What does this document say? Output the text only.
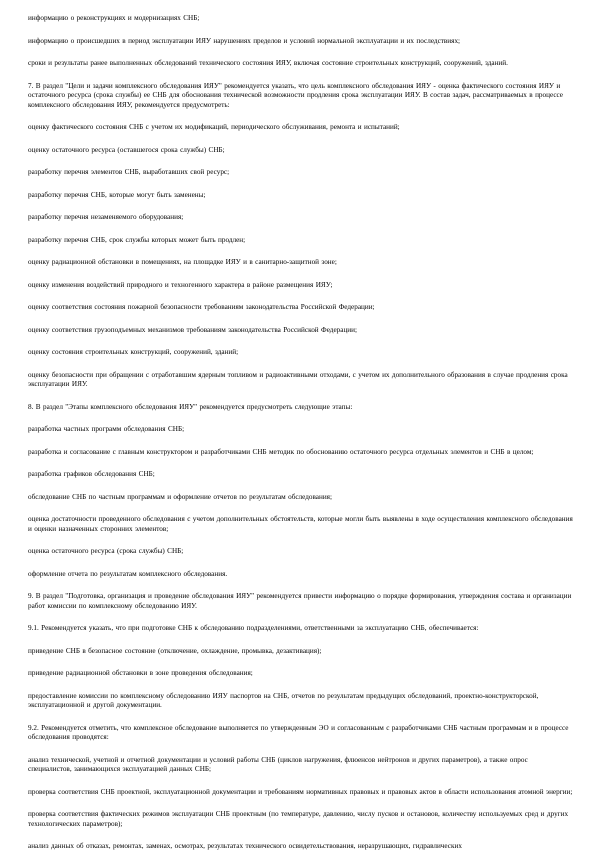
информацию о реконструкциях и модернизациях СНБ;

информацию о происшедших в период эксплуатации ИЯУ нарушениях пределов и условий нормальной эксплуатации и их последствиях;

сроки и результаты ранее выполненных обследований технического состояния ИЯУ, включая состояние строительных конструкций, сооружений, зданий.

7. В раздел "Цели и задачи комплексного обследования ИЯУ" рекомендуется указать, что цель комплексного обследования ИЯУ - оценка фактического состояния ИЯУ и остаточного ресурса (срока службы) ее СНБ для обоснования технической возможности продления срока эксплуатации ИЯУ. В состав задач, рассматриваемых в процессе комплексного обследования ИЯУ, рекомендуется предусмотреть:

оценку фактического состояния СНБ с учетом их модификаций, периодического обслуживания, ремонта и испытаний;

оценку остаточного ресурса (оставшегося срока службы) СНБ;

разработку перечня элементов СНБ, выработавших свой ресурс;

разработку перечня СНБ, которые могут быть заменены;

разработку перечня незаменяемого оборудования;

разработку перечня СНБ, срок службы которых может быть продлен;

оценку радиационной обстановки в помещениях, на площадке ИЯУ и в санитарно-защитной зоне;

оценку изменения воздействий природного и техногенного характера в районе размещения ИЯУ;

оценку соответствия состояния пожарной безопасности требованиям законодательства Российской Федерации;

оценку соответствия грузоподъемных механизмов требованиям законодательства Российской Федерации;

оценку состояния строительных конструкций, сооружений, зданий;

оценку безопасности при обращении с отработавшим ядерным топливом и радиоактивными отходами, с учетом их дополнительного образования в случае продления срока эксплуатации ИЯУ.

8. В раздел "Этапы комплексного обследования ИЯУ" рекомендуется предусмотреть следующие этапы:

разработка частных программ обследования СНБ;

разработка и согласование с главным конструктором и разработчиками СНБ методик по обоснованию остаточного ресурса отдельных элементов и СНБ в целом;

разработка графиков обследования СНБ;

обследование СНБ по частным программам и оформление отчетов по результатам обследования;

оценка достаточности проведенного обследования с учетом дополнительных обстоятельств, которые могли быть выявлены в ходе осуществления комплексного обследования и оценки назначенных сторонних элементов;

оценка остаточного ресурса (срока службы) СНБ;

оформление отчета по результатам комплексного обследования.

9. В раздел "Подготовка, организация и проведение обследования ИЯУ" рекомендуется привести информацию о порядке формирования, утверждения состава и организации работ комиссии по комплексному обследованию ИЯУ.

9.1. Рекомендуется указать, что при подготовке СНБ к обследованию подразделениями, ответственными за эксплуатацию СНБ, обеспечивается:

приведение СНБ в безопасное состояние (отключение, охлаждение, промывка, дезактивация);

приведение радиационной обстановки в зоне проведения обследования;

предоставление комиссии по комплексному обследованию ИЯУ паспортов на СНБ, отчетов по результатам предыдущих обследований, проектно-конструкторской, эксплуатационной и другой документации.

9.2. Рекомендуется отметить, что комплексное обследование выполняется по утвержденным ЭО и согласованным с разработчиками СНБ частным программам и в процессе обследования проводятся:

анализ технической, учетной и отчетной документации и условий работы СНБ (циклов нагружения, флюенсов нейтронов и других параметров), а также опрос специалистов, занимающихся эксплуатацией данных СНБ;

проверка соответствия СНБ проектной, эксплуатационной документации и требованиям нормативных правовых и правовых актов в области использования атомной энергии;

проверка соответствия фактических режимов эксплуатации СНБ проектным (по температуре, давлению, числу пусков и остановов, количеству используемых сред и других технологических параметров);

анализ данных об отказах, ремонтах, заменах, осмотрах, результатах технического освидетельствования, неразрушающих, гидравлических
